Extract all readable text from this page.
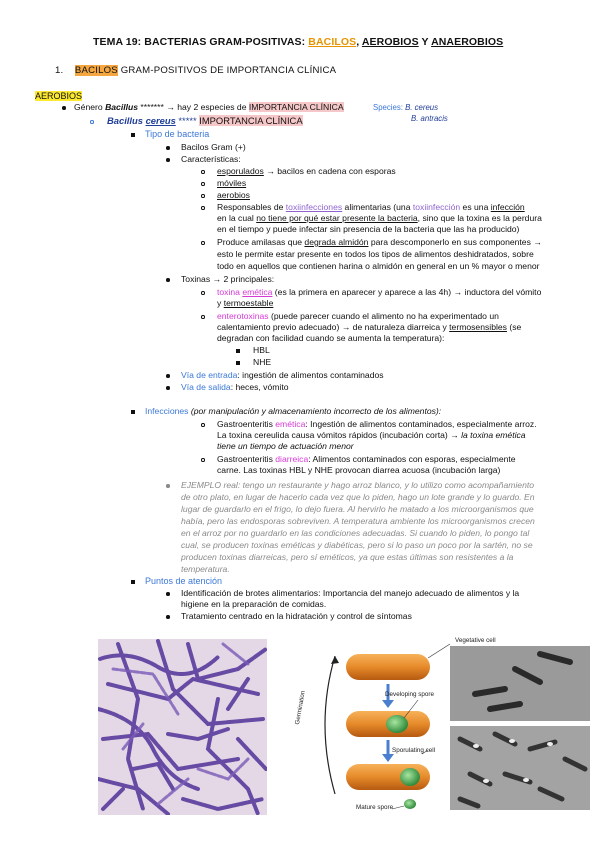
TEMA 19: BACTERIAS GRAM-POSITIVAS: BACILOS, AEROBIOS Y ANAEROBIOS
1. BACILOS GRAM-POSITIVOS DE IMPORTANCIA CLÍNICA
AEROBIOS
Género Bacillus ******* → hay 2 especies de IMPORTANCIA CLÍNICA	Species: B. cereus
B. antracis
Bacillus cereus ***** IMPORTANCIA CLÍNICA
Tipo de bacteria
Bacilos Gram (+)
Características:
esporulados → bacilos en cadena con esporas
móviles
aerobios
Responsables de toxiinfecciones alimentarias (una toxiinfección es una infección
en la cual no tiene por qué estar presente la bacteria, sino que la toxina es la perdura
en el tiempo y puede infectar sin presencia de la bacteria que las ha producido)
Produce amilasas que degrada almidón para descomponerlo en sus componentes →
esto le permite estar presente en todos los tipos de alimentos deshidratados, sobre
todo en aquellos que contienen harina o almidón en general en un % mayor o menor
Toxinas → 2 principales:
toxina emética (es la primera en aparecer y aparece a las 4h) → inductora del vómito
y termoestable
enterotoxinas (puede parecer cuando el alimento no ha experimentado un
calentamiento previo adecuado) → de naturaleza diarreica y termosensibles (se
degradan con facilidad cuando se aumenta la temperatura):
HBL
NHE
Vía de entrada: ingestión de alimentos contaminados
Vía de salida: heces, vómito
Infecciones (por manipulación y almacenamiento incorrecto de los alimentos):
Gastroenteritis emética: Ingestión de alimentos contaminados, especialmente arroz.
La toxina cereulida causa vómitos rápidos (incubación corta) → la toxina emética
tiene un tiempo de actuación menor
Gastroenteritis diarreica: Alimentos contaminados con esporas, especialmente
carne. Las toxinas HBL y NHE provocan diarrea acuosa (incubación larga)
EJEMPLO real: tengo un restaurante y hago arroz blanco, y lo utilizo como acompañamiento
de otro plato, en lugar de hacerlo cada vez que lo piden, hago un lote grande y lo guardo. En
lugar de guardarlo en el frigo, lo dejo fuera. Al hervirlo he matado a los microorganismos que
había, pero las endosporas sobreviven. A temperatura ambiente los microorganismos crecen
en el arroz por no guardarlo en las condiciones adecuadas. Si cuando lo piden, lo pongo tal
cual, se producen toxinas eméticas y diabéticas, pero si lo paso un poco por la sartén, no se
producen toxinas diarreicas, pero sí eméticos, ya que estas últimas son resistentes a la
temperatura.
Puntos de atención
Identificación de brotes alimentarios: Importancia del manejo adecuado de alimentos y la
higiene en la preparación de comidas.
Tratamiento centrado en la hidratación y control de síntomas
Vegetative cell
Developing spore
Sporulating cell
Mature spore
Germination
